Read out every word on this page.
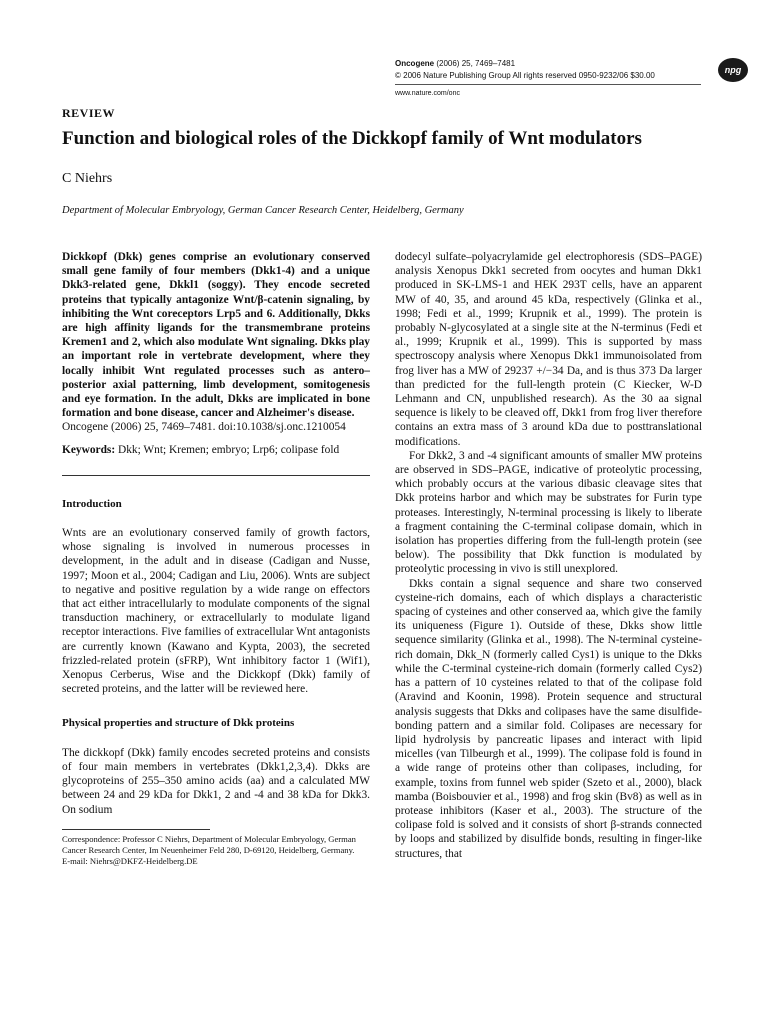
Oncogene (2006) 25, 7469–7481
© 2006 Nature Publishing Group All rights reserved 0950-9232/06 $30.00
www.nature.com/onc
npg
REVIEW
Function and biological roles of the Dickkopf family of Wnt modulators
C Niehrs
Department of Molecular Embryology, German Cancer Research Center, Heidelberg, Germany

Dickkopf (Dkk) genes comprise an evolutionary conserved small gene family of four members (Dkk1-4) and a unique Dkk3-related gene, Dkkl1 (soggy). They encode secreted proteins that typically antagonize Wnt/β-catenin signaling, by inhibiting the Wnt coreceptors Lrp5 and 6. Additionally, Dkks are high affinity ligands for the transmembrane proteins Kremen1 and 2, which also modulate Wnt signaling. Dkks play an important role in vertebrate development, where they locally inhibit Wnt regulated processes such as antero–posterior axial patterning, limb development, somitogenesis and eye formation. In the adult, Dkks are implicated in bone formation and bone disease, cancer and Alzheimer's disease.

Oncogene (2006) 25, 7469–7481. doi:10.1038/sj.onc.1210054

Keywords: Dkk; Wnt; Kremen; embryo; Lrp6; colipase fold

Introduction

Wnts are an evolutionary conserved family of growth factors, whose signaling is involved in numerous processes in development, in the adult and in disease (Cadigan and Nusse, 1997; Moon et al., 2004; Cadigan and Liu, 2006). Wnts are subject to negative and positive regulation by a wide range on effectors that act either intracellularly to modulate components of the signal transduction machinery, or extracellularly to modulate ligand receptor interactions. Five families of extracellular Wnt antagonists are currently known (Kawano and Kypta, 2003), the secreted frizzled-related protein (sFRP), Wnt inhibitory factor 1 (Wif1), Xenopus Cerberus, Wise and the Dickkopf (Dkk) family of secreted proteins, and the latter will be reviewed here.

Physical properties and structure of Dkk proteins

The dickkopf (Dkk) family encodes secreted proteins and consists of four main members in vertebrates (Dkk1,2,3,4). Dkks are glycoproteins of 255–350 amino acids (aa) and a calculated MW between 24 and 29 kDa for Dkk1, 2 and -4 and 38 kDa for Dkk3. On sodium

Correspondence: Professor C Niehrs, Department of Molecular Embryology, German Cancer Research Center, Im Neuenheimer Feld 280, D-69120, Heidelberg, Germany.
E-mail: Niehrs@DKFZ-Heidelberg.DE

dodecyl sulfate–polyacrylamide gel electrophoresis (SDS–PAGE) analysis Xenopus Dkk1 secreted from oocytes and human Dkk1 produced in SK-LMS-1 and HEK 293T cells, have an apparent MW of 40, 35, and around 45 kDa, respectively (Glinka et al., 1998; Fedi et al., 1999; Krupnik et al., 1999). The protein is probably N-glycosylated at a single site at the N-terminus (Fedi et al., 1999; Krupnik et al., 1999). This is supported by mass spectroscopy analysis where Xenopus Dkk1 immunoisolated from frog liver has a MW of 29237 +/−34 Da, and is thus 373 Da larger than predicted for the full-length protein (C Kiecker, W-D Lehmann and CN, unpublished research). As the 30 aa signal sequence is likely to be cleaved off, Dkk1 from frog liver therefore contains an extra mass of 3 around kDa due to posttranslational modifications.

For Dkk2, 3 and -4 significant amounts of smaller MW proteins are observed in SDS–PAGE, indicative of proteolytic processing, which probably occurs at the various dibasic cleavage sites that Dkk proteins harbor and which may be substrates for Furin type proteases. Interestingly, N-terminal processing is likely to liberate a fragment containing the C-terminal colipase domain, which in isolation has properties differing from the full-length protein (see below). The possibility that Dkk function is modulated by proteolytic processing in vivo is still unexplored.

Dkks contain a signal sequence and share two conserved cysteine-rich domains, each of which displays a characteristic spacing of cysteines and other conserved aa, which give the family its uniqueness (Figure 1). Outside of these, Dkks show little sequence similarity (Glinka et al., 1998). The N-terminal cysteine-rich domain, Dkk_N (formerly called Cys1) is unique to the Dkks while the C-terminal cysteine-rich domain (formerly called Cys2) has a pattern of 10 cysteines related to that of the colipase fold (Aravind and Koonin, 1998). Protein sequence and structural analysis suggests that Dkks and colipases have the same disulfide-bonding pattern and a similar fold. Colipases are necessary for lipid hydrolysis by pancreatic lipases and interact with lipid micelles (van Tilbeurgh et al., 1999). The colipase fold is found in a wide range of proteins other than colipases, including, for example, toxins from funnel web spider (Szeto et al., 2000), black mamba (Boisbouvier et al., 1998) and frog skin (Bv8) as well as in protease inhibitors (Kaser et al., 2003). The structure of the colipase fold is solved and it consists of short β-strands connected by loops and stabilized by disulfide bonds, resulting in finger-like structures, that
